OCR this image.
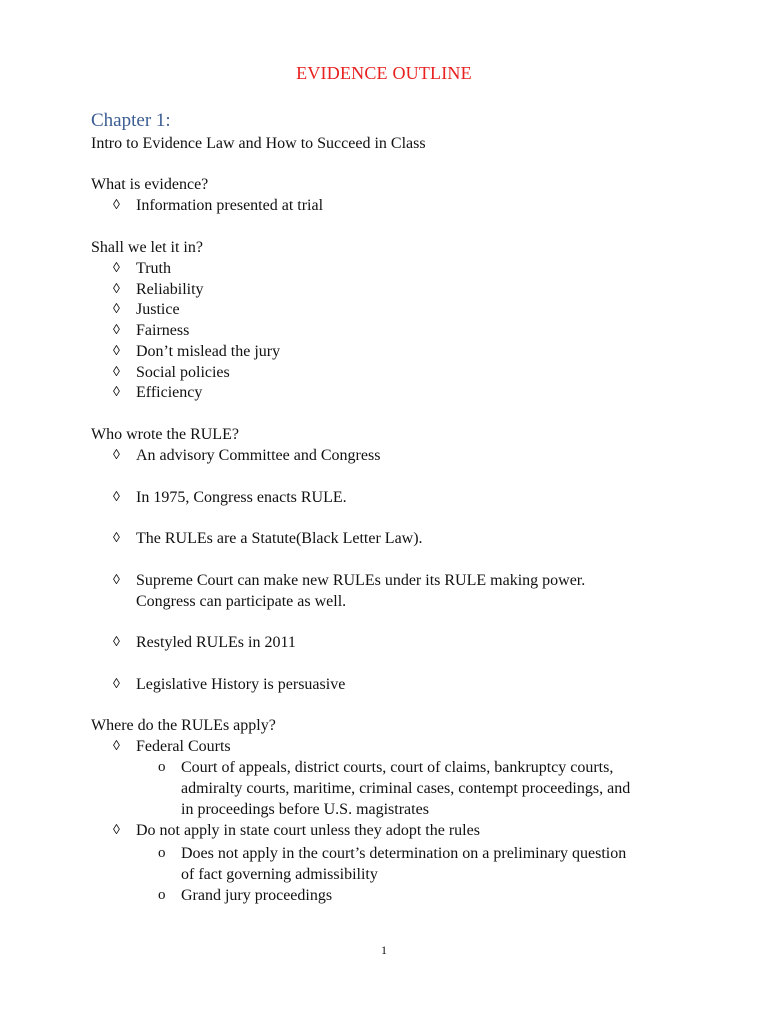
EVIDENCE OUTLINE
Chapter 1:
Intro to Evidence Law and How to Succeed in Class
What is evidence?
◊ Information presented at trial
Shall we let it in?
◊ Truth
◊ Reliability
◊ Justice
◊ Fairness
◊ Don’t mislead the jury
◊ Social policies
◊ Efficiency
Who wrote the RULE?
◊ An advisory Committee and Congress
◊ In 1975, Congress enacts RULE.
◊ The RULEs are a Statute(Black Letter Law).
◊ Supreme Court can make new RULEs under its RULE making power.
Congress can participate as well.
◊ Restyled RULEs in 2011
◊ Legislative History is persuasive
Where do the RULEs apply?
◊ Federal Courts
o Court of appeals, district courts, court of claims, bankruptcy courts,
admiralty courts, maritime, criminal cases, contempt proceedings, and
in proceedings before U.S. magistrates
◊ Do not apply in state court unless they adopt the rules
o Does not apply in the court’s determination on a preliminary question
of fact governing admissibility
o Grand jury proceedings
1
